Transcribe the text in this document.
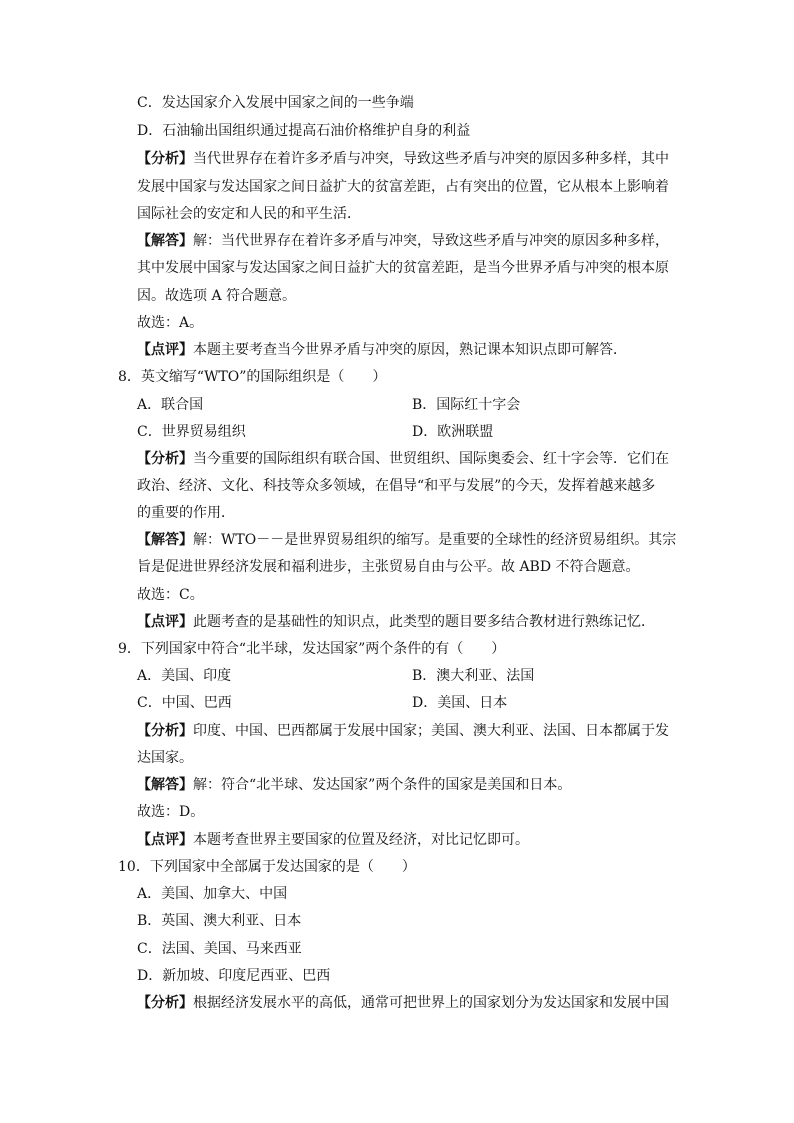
C．发达国家介入发展中国家之间的一些争端
D．石油输出国组织通过提高石油价格维护自身的利益
【分析】当代世界存在着许多矛盾与冲突，导致这些矛盾与冲突的原因多种多样，其中
发展中国家与发达国家之间日益扩大的贫富差距，占有突出的位置，它从根本上影响着
国际社会的安定和人民的和平生活．
【解答】解：当代世界存在着许多矛盾与冲突，导致这些矛盾与冲突的原因多种多样，
其中发展中国家与发达国家之间日益扩大的贫富差距，是当今世界矛盾与冲突的根本原
因。故选项 A 符合题意。
故选：A。
【点评】本题主要考查当今世界矛盾与冲突的原因，熟记课本知识点即可解答．
8．英文缩写“WTO”的国际组织是（　　）
A．联合国	B．国际红十字会
C．世界贸易组织	D．欧洲联盟
【分析】当今重要的国际组织有联合国、世贸组织、国际奥委会、红十字会等．它们在
政治、经济、文化、科技等众多领域，在倡导“和平与发展”的今天，发挥着越来越多
的重要的作用．
【解答】解：WTO－－是世界贸易组织的缩写。是重要的全球性的经济贸易组织。其宗
旨是促进世界经济发展和福利进步，主张贸易自由与公平。故 ABD 不符合题意。
故选：C。
【点评】此题考查的是基础性的知识点，此类型的题目要多结合教材进行熟练记忆．
9．下列国家中符合“北半球，发达国家”两个条件的有（　　）
A．美国、印度	B．澳大利亚、法国
C．中国、巴西	D．美国、日本
【分析】印度、中国、巴西都属于发展中国家；美国、澳大利亚、法国、日本都属于发
达国家。
【解答】解：符合“北半球、发达国家”两个条件的国家是美国和日本。
故选：D。
【点评】本题考查世界主要国家的位置及经济，对比记忆即可。
10．下列国家中全部属于发达国家的是（　　）
A．美国、加拿大、中国
B．英国、澳大利亚、日本
C．法国、美国、马来西亚
D．新加坡、印度尼西亚、巴西
【分析】根据经济发展水平的高低，通常可把世界上的国家划分为发达国家和发展中国
